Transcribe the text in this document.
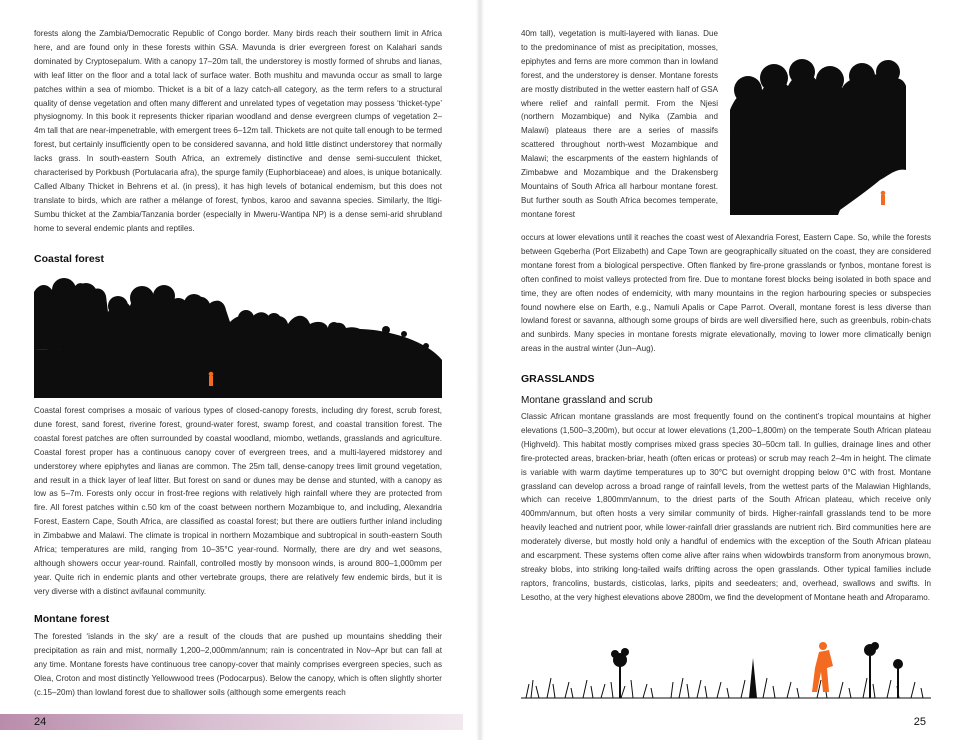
forests along the Zambia/Democratic Republic of Congo border. Many birds reach their southern limit in Africa here, and are found only in these forests within GSA. Mavunda is drier evergreen forest on Kalahari sands dominated by Cryptosepalum. With a canopy 17–20m tall, the understorey is mostly formed of shrubs and lianas, with leaf litter on the floor and a total lack of surface water. Both mushitu and mavunda occur as small to large patches within a sea of miombo. Thicket is a bit of a lazy catch-all category, as the term refers to a structural quality of dense vegetation and often many different and unrelated types of vegetation may possess ‘thicket-type’ physiognomy. In this book it represents thicker riparian woodland and dense evergreen clumps of vegetation 2–4m tall that are near-impenetrable, with emergent trees 6–12m tall. Thickets are not quite tall enough to be termed forest, but certainly insufficiently open to be considered savanna, and hold little distinct understorey that normally lacks grass. In south-eastern South Africa, an extremely distinctive and dense semi-succulent thicket, characterised by Porkbush (Portulacaria afra), the spurge family (Euphorbiaceae) and aloes, is unique botanically. Called Albany Thicket in Behrens et al. (in press), it has high levels of botanical endemism, but this does not translate to birds, which are rather a mélange of forest, fynbos, karoo and savanna species. Similarly, the Itigi-Sumbu thicket at the Zambia/Tanzania border (especially in Mweru-Wantipa NP) is a dense semi-arid shrubland home to several endemic plants and reptiles.

Coastal forest

Coastal forest comprises a mosaic of various types of closed-canopy forests, including dry forest, scrub forest, dune forest, sand forest, riverine forest, ground-water forest, swamp forest, and coastal transition forest. The coastal forest patches are often surrounded by coastal woodland, miombo, wetlands, grasslands and agriculture. Coastal forest proper has a continuous canopy cover of evergreen trees, and a multi-layered midstorey and understorey where epiphytes and lianas are common. The 25m tall, dense-canopy trees limit ground vegetation, and result in a thick layer of leaf litter. But forest on sand or dunes may be dense and stunted, with a canopy as low as 5–7m. Forests only occur in frost-free regions with relatively high rainfall where they are protected from fire. All forest patches within c.50 km of the coast between northern Mozambique to, and including, Alexandria Forest, Eastern Cape, South Africa, are classified as coastal forest; but there are outliers further inland including in Zimbabwe and Malawi. The climate is tropical in northern Mozambique and subtropical in south-eastern South Africa; temperatures are mild, ranging from 10–35°C year-round. Normally, there are dry and wet seasons, although showers occur year-round. Rainfall, controlled mostly by monsoon winds, is around 800–1,000mm per year. Quite rich in endemic plants and other vertebrate groups, there are relatively few endemic birds, but it is very diverse with a distinct avifaunal community.

Montane forest

The forested ‘islands in the sky’ are a result of the clouds that are pushed up mountains shedding their precipitation as rain and mist, normally 1,200–2,000mm/annum; rain is concentrated in Nov–Apr but can fall at any time. Montane forests have continuous tree canopy-cover that mainly comprises evergreen species, such as Olea, Croton and most distinctly Yellowwood trees (Podocarpus). Below the canopy, which is often slightly shorter (c.15–20m) than lowland forest due to shallower soils (although some emergents reach

24

40m tall), vegetation is multi-layered with lianas. Due to the predominance of mist as precipitation, mosses, epiphytes and ferns are more common than in lowland forest, and the understorey is denser. Montane forests are mostly distributed in the wetter eastern half of GSA where relief and rainfall permit. From the Njesi (northern Mozambique) and Nyika (Zambia and Malawi) plateaus there are a series of massifs scattered throughout north-west Mozambique and Malawi; the escarpments of the eastern highlands of Zimbabwe and Mozambique and the Drakensberg Mountains of South Africa all harbour montane forest. But further south as South Africa becomes temperate, montane forest

occurs at lower elevations until it reaches the coast west of Alexandria Forest, Eastern Cape. So, while the forests between Gqeberha (Port Elizabeth) and Cape Town are geographically situated on the coast, they are considered montane forest from a biological perspective. Often flanked by fire-prone grasslands or fynbos, montane forest is often confined to moist valleys protected from fire. Due to montane forest blocks being isolated in both space and time, they are often nodes of endemicity, with many mountains in the region harbouring species or subspecies found nowhere else on Earth, e.g., Namuli Apalis or Cape Parrot. Overall, montane forest is less diverse than lowland forest or savanna, although some groups of birds are well diversified here, such as greenbuls, robin-chats and sunbirds. Many species in montane forests migrate elevationally, moving to lower more climatically benign areas in the austral winter (Jun–Aug).

GRASSLANDS
Montane grassland and scrub

Classic African montane grasslands are most frequently found on the continent’s tropical mountains at higher elevations (1,500–3,200m), but occur at lower elevations (1,200–1,800m) on the temperate South African plateau (Highveld). This habitat mostly comprises mixed grass species 30–50cm tall. In gullies, drainage lines and other fire-protected areas, bracken-briar, heath (often ericas or proteas) or scrub may reach 2–4m in height. The climate is variable with warm daytime temperatures up to 30°C but overnight dropping below 0°C with frost. Montane grassland can develop across a broad range of rainfall levels, from the wettest parts of the Malawian Highlands, which can receive 1,800mm/annum, to the driest parts of the South African plateau, which receive only 400mm/annum, but often hosts a very similar community of birds. Higher-rainfall grasslands tend to be more heavily leached and nutrient poor, while lower-rainfall drier grasslands are nutrient rich. Bird communities here are moderately diverse, but mostly hold only a handful of endemics with the exception of the South African plateau and escarpment. These systems often come alive after rains when widowbirds transform from anonymous brown, streaky blobs, into striking long-tailed waifs drifting across the open grasslands. Other typical families include raptors, francolins, bustards, cisticolas, larks, pipits and seedeaters; and, overhead, swallows and swifts. In Lesotho, at the very highest elevations above 2800m, we find the development of Montane heath and Afroparamo.

25
